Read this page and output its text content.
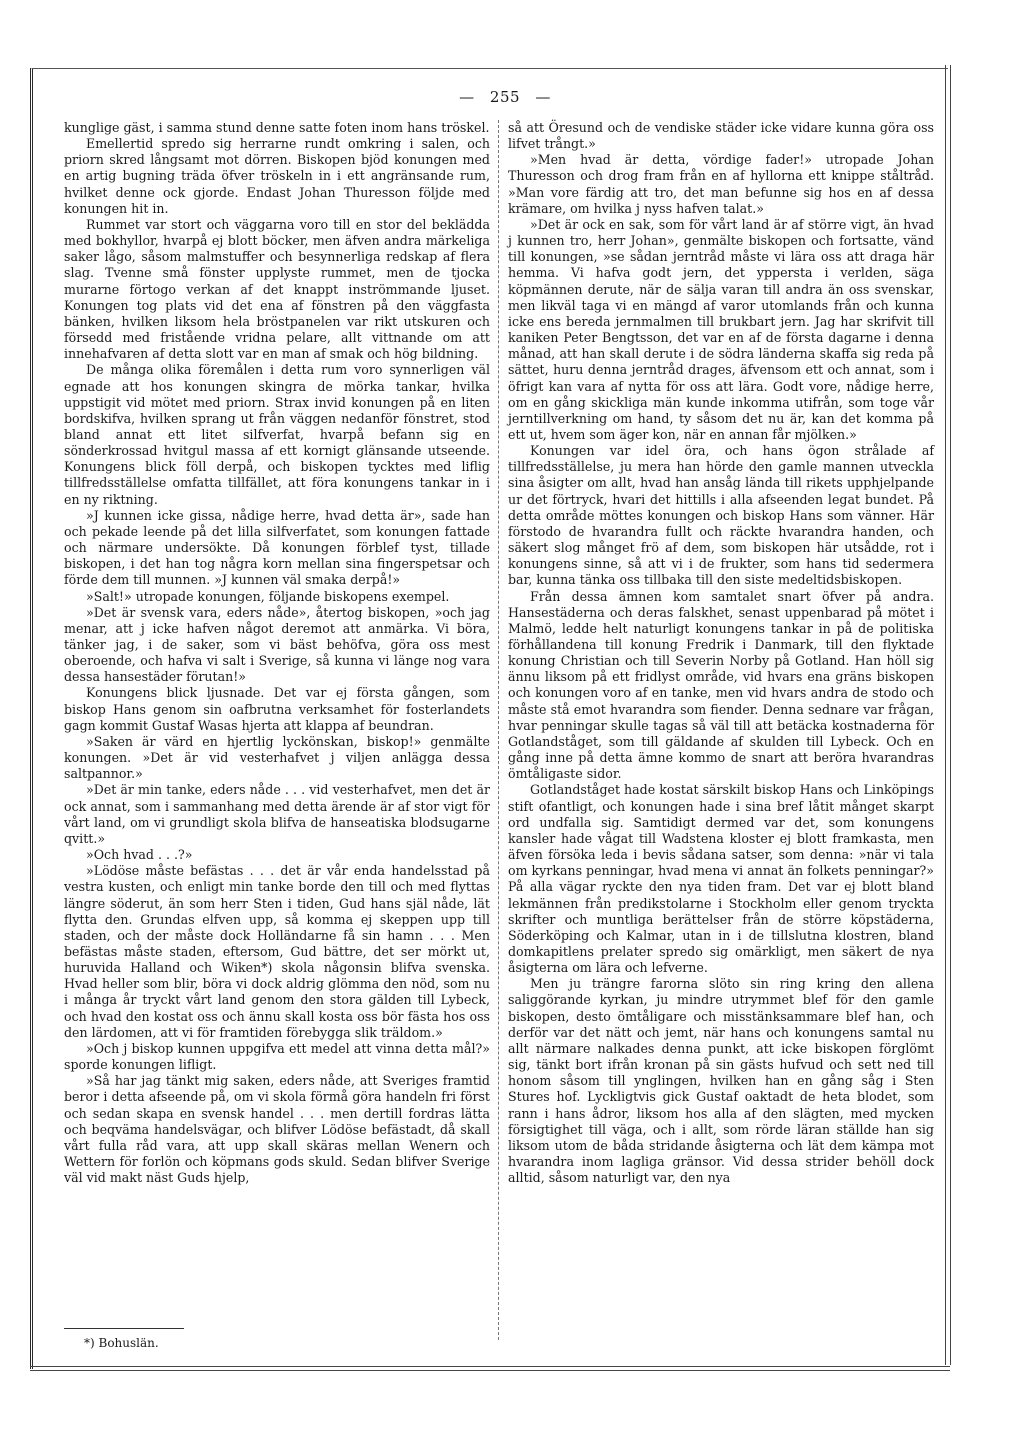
— 255 —

kunglige gäst, i samma stund denne satte foten inom hans tröskel.

Emellertid spredo sig herrarne rundt omkring i salen, och priorn skred långsamt mot dörren. Biskopen bjöd konungen med en artig bugning träda öfver tröskeln in i ett angränsande rum, hvilket denne ock gjorde. Endast Johan Thuresson följde med konungen hit in.

Rummet var stort och väggarna voro till en stor del beklädda med bokhyllor, hvarpå ej blott böcker, men äfven andra märkeliga saker lågo, såsom malmstuffer och besynnerliga redskap af flera slag. Tvenne små fönster upplyste rummet, men de tjocka murarne förtogo verkan af det knappt inströmmande ljuset. Konungen tog plats vid det ena af fönstren på den väggfasta bänken, hvilken liksom hela bröstpanelen var rikt utskuren och försedd med fristående vridna pelare, allt vittnande om att innehafvaren af detta slott var en man af smak och hög bildning.

De många olika föremålen i detta rum voro synnerligen väl egnade att hos konungen skingra de mörka tankar, hvilka uppstigit vid mötet med priorn. Strax invid konungen på en liten bordskifva, hvilken sprang ut från väggen nedanför fönstret, stod bland annat ett litet silfverfat, hvarpå befann sig en sönderkrossad hvitgul massa af ett kornigt glänsande utseende. Konungens blick föll derpå, och biskopen tycktes med liflig tillfredsställelse omfatta tillfället, att föra konungens tankar in i en ny riktning.

»J kunnen icke gissa, nådige herre, hvad detta är», sade han och pekade leende på det lilla silfverfatet, som konungen fattade och närmare undersökte. Då konungen förblef tyst, tillade biskopen, i det han tog några korn mellan sina fingerspetsar och förde dem till munnen. »J kunnen väl smaka derpå!»

»Salt!» utropade konungen, följande biskopens exempel.

»Det är svensk vara, eders nåde», återtog biskopen, »och jag menar, att j icke hafven något deremot att anmärka. Vi böra, tänker jag, i de saker, som vi bäst behöfva, göra oss mest oberoende, och hafva vi salt i Sverige, så kunna vi länge nog vara dessa hansestäder förutan!»

Konungens blick ljusnade. Det var ej första gången, som biskop Hans genom sin oafbrutna verksamhet för fosterlandets gagn kommit Gustaf Wasas hjerta att klappa af beundran.

»Saken är värd en hjertlig lyckönskan, biskop!» genmälte konungen. »Det är vid vesterhafvet j viljen anlägga dessa saltpannor.»

»Det är min tanke, eders nåde . . . vid vesterhafvet, men det är ock annat, som i sammanhang med detta ärende är af stor vigt för vårt land, om vi grundligt skola blifva de hanseatiska blodsugarne qvitt.»

»Och hvad . . .?»

»Lödöse måste befästas . . . det är vår enda handelsstad på vestra kusten, och enligt min tanke borde den till och med flyttas längre söderut, än som herr Sten i tiden, Gud hans själ nåde, lät flytta den. Grundas elfven upp, så komma ej skeppen upp till staden, och der måste dock Holländarne få sin hamn . . . Men befästas måste staden, eftersom, Gud bättre, det ser mörkt ut, huruvida Halland och Wiken*) skola någonsin blifva svenska. Hvad heller som blir, böra vi dock aldrig glömma den nöd, som nu i många år tryckt vårt land genom den stora gälden till Lybeck, och hvad den kostat oss och ännu skall kosta oss bör fästa hos oss den lärdomen, att vi för framtiden förebygga slik träldom.»

»Och j biskop kunnen uppgifva ett medel att vinna detta mål?» sporde konungen lifligt.

»Så har jag tänkt mig saken, eders nåde, att Sveriges framtid beror i detta afseende på, om vi skola förmå göra handeln fri först och sedan skapa en svensk handel . . . men dertill fordras lätta och beqväma handelsvägar, och blifver Lödöse befästadt, då skall vårt fulla råd vara, att upp skall skäras mellan Wenern och Wettern för forlön och köpmans gods skuld. Sedan blifver Sverige väl vid makt näst Guds hjelp,

så att Öresund och de vendiske städer icke vidare kunna göra oss lifvet trångt.»

»Men hvad är detta, vördige fader!» utropade Johan Thuresson och drog fram från en af hyllorna ett knippe ståltråd. »Man vore färdig att tro, det man befunne sig hos en af dessa krämare, om hvilka j nyss hafven talat.»

»Det är ock en sak, som för vårt land är af större vigt, än hvad j kunnen tro, herr Johan», genmälte biskopen och fortsatte, vänd till konungen, »se sådan jerntråd måste vi lära oss att draga här hemma. Vi hafva godt jern, det yppersta i verlden, säga köpmännen derute, när de sälja varan till andra än oss svenskar, men likväl taga vi en mängd af varor utomlands från och kunna icke ens bereda jernmalmen till brukbart jern. Jag har skrifvit till kaniken Peter Bengtsson, det var en af de första dagarne i denna månad, att han skall derute i de södra länderna skaffa sig reda på sättet, huru denna jerntråd drages, äfvensom ett och annat, som i öfrigt kan vara af nytta för oss att lära. Godt vore, nådige herre, om en gång skickliga män kunde inkomma utifrån, som toge vår jerntillverkning om hand, ty såsom det nu är, kan det komma på ett ut, hvem som äger kon, när en annan får mjölken.»

Konungen var idel öra, och hans ögon strålade af tillfredsställelse, ju mera han hörde den gamle mannen utveckla sina åsigter om allt, hvad han ansåg lända till rikets upphjelpande ur det förtryck, hvari det hittills i alla afseenden legat bundet. På detta område möttes konungen och biskop Hans som vänner. Här förstodo de hvarandra fullt och räckte hvarandra handen, och säkert slog månget frö af dem, som biskopen här utsådde, rot i konungens sinne, så att vi i de frukter, som hans tid sedermera bar, kunna tänka oss tillbaka till den siste medeltidsbiskopen.

Från dessa ämnen kom samtalet snart öfver på andra. Hansestäderna och deras falskhet, senast uppenbarad på mötet i Malmö, ledde helt naturligt konungens tankar in på de politiska förhållandena till konung Fredrik i Danmark, till den flyktade konung Christian och till Severin Norby på Gotland. Han höll sig ännu liksom på ett fridlyst område, vid hvars ena gräns biskopen och konungen voro af en tanke, men vid hvars andra de stodo och måste stå emot hvarandra som fiender. Denna sednare var frågan, hvar penningar skulle tagas så väl till att betäcka kostnaderna för Gotlandståget, som till gäldande af skulden till Lybeck. Och en gång inne på detta ämne kommo de snart att beröra hvarandras ömtåligaste sidor.

Gotlandståget hade kostat särskilt biskop Hans och Linköpings stift ofantligt, och konungen hade i sina bref låtit månget skarpt ord undfalla sig. Samtidigt dermed var det, som konungens kansler hade vågat till Wadstena kloster ej blott framkasta, men äfven försöka leda i bevis sådana satser, som denna: »när vi tala om kyrkans penningar, hvad mena vi annat än folkets penningar?» På alla vägar ryckte den nya tiden fram. Det var ej blott bland lekmännen från predikstolarne i Stockholm eller genom tryckta skrifter och muntliga berättelser från de större köpstäderna, Söderköping och Kalmar, utan in i de tillslutna klostren, bland domkapitlens prelater spredo sig omärkligt, men säkert de nya åsigterna om lära och lefverne.

Men ju trängre farorna slöto sin ring kring den allena saliggörande kyrkan, ju mindre utrymmet blef för den gamle biskopen, desto ömtåligare och misstänksammare blef han, och derför var det nätt och jemt, när hans och konungens samtal nu allt närmare nalkades denna punkt, att icke biskopen förglömt sig, tänkt bort ifrån kronan på sin gästs hufvud och sett ned till honom såsom till ynglingen, hvilken han en gång såg i Sten Stures hof. Lyckligtvis gick Gustaf oaktadt de heta blodet, som rann i hans ådror, liksom hos alla af den slägten, med mycken försigtighet till väga, och i allt, som rörde läran ställde han sig liksom utom de båda stridande åsigterna och lät dem kämpa mot hvarandra inom lagliga gränsor. Vid dessa strider behöll dock alltid, såsom naturligt var, den nya

*) Bohuslän.
